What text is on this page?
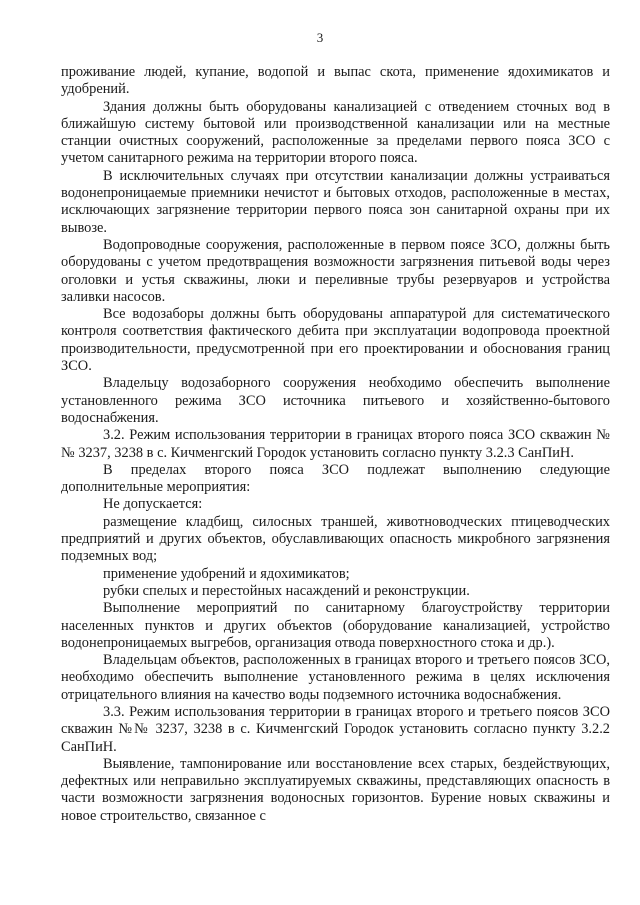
3

проживание людей, купание, водопой и выпас скота, применение ядохимикатов и удобрений.

Здания должны быть оборудованы канализацией с отведением сточных вод в ближайшую систему бытовой или производственной канализации или на местные станции очистных сооружений, расположенные за пределами первого пояса ЗСО с учетом санитарного режима на территории второго пояса.

В исключительных случаях при отсутствии канализации должны устраиваться водонепроницаемые приемники нечистот и бытовых отходов, расположенные в местах, исключающих загрязнение территории первого пояса зон санитарной охраны при их вывозе.

Водопроводные сооружения, расположенные в первом поясе ЗСО, должны быть оборудованы с учетом предотвращения возможности загрязнения питьевой воды через оголовки и устья скважины, люки и переливные трубы резервуаров и устройства заливки насосов.

Все водозаборы должны быть оборудованы аппаратурой для систематического контроля соответствия фактического дебита при эксплуатации водопровода проектной производительности, предусмотренной при его проектировании и обоснования границ ЗСО.

Владельцу водозаборного сооружения необходимо обеспечить выполнение установленного режима ЗСО источника питьевого и хозяйственно-бытового водоснабжения.

3.2. Режим использования территории в границах второго пояса ЗСО скважин №№ 3237, 3238 в с. Кичменгский Городок установить согласно пункту 3.2.3 СанПиН.

В пределах второго пояса ЗСО подлежат выполнению следующие дополнительные мероприятия:

Не допускается:

размещение кладбищ, силосных траншей, животноводческих птицеводческих предприятий и других объектов, обуславливающих опасность микробного загрязнения подземных вод;

применение удобрений и ядохимикатов;

рубки спелых и перестойных насаждений и реконструкции.

Выполнение мероприятий по санитарному благоустройству территории населенных пунктов и других объектов (оборудование канализацией, устройство водонепроницаемых выгребов, организация отвода поверхностного стока и др.).

Владельцам объектов, расположенных в границах второго и третьего поясов ЗСО, необходимо обеспечить выполнение установленного режима в целях исключения отрицательного влияния на качество воды подземного источника водоснабжения.

3.3. Режим использования территории в границах второго и третьего поясов ЗСО скважин №№ 3237, 3238 в с. Кичменгский Городок установить согласно пункту 3.2.2 СанПиН.

Выявление, тампонирование или восстановление всех старых, бездействующих, дефектных или неправильно эксплуатируемых скважины, представляющих опасность в части возможности загрязнения водоносных горизонтов. Бурение новых скважины и новое строительство, связанное с
